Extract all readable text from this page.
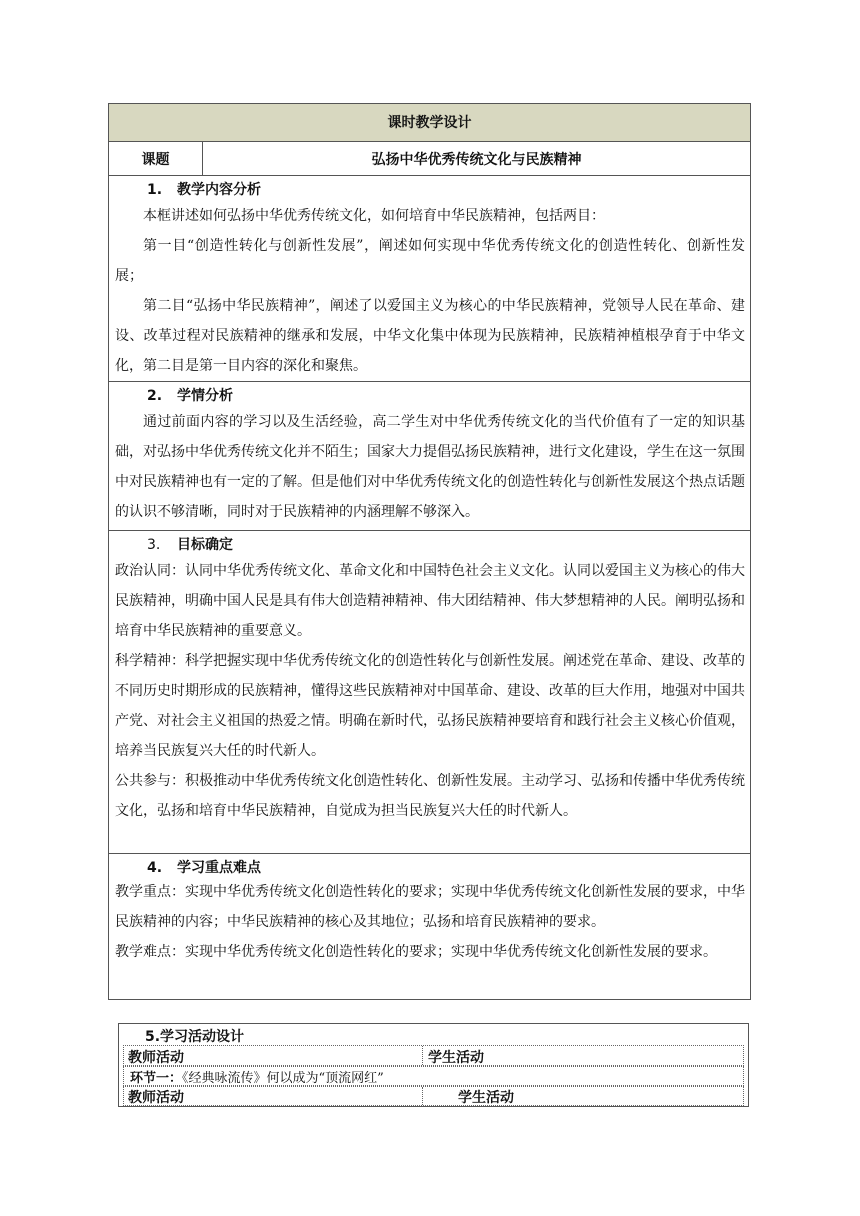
课时教学设计
课题	弘扬中华优秀传统文化与民族精神
1. 教学内容分析
本框讲述如何弘扬中华优秀传统文化，如何培育中华民族精神，包括两目：
第一目“创造性转化与创新性发展”，阐述如何实现中华优秀传统文化的创造性转化、创新性发展；
第二目“弘扬中华民族精神”，阐述了以爱国主义为核心的中华民族精神，党领导人民在革命、建设、改革过程对民族精神的继承和发展，中华文化集中体现为民族精神，民族精神植根孕育于中华文化，第二目是第一目内容的深化和聚焦。
2. 学情分析
通过前面内容的学习以及生活经验，高二学生对中华优秀传统文化的当代价值有了一定的知识基础，对弘扬中华优秀传统文化并不陌生；国家大力提倡弘扬民族精神，进行文化建设，学生在这一氛围中对民族精神也有一定的了解。但是他们对中华优秀传统文化的创造性转化与创新性发展这个热点话题的认识不够清晰，同时对于民族精神的内涵理解不够深入。
3. 目标确定
政治认同：认同中华优秀传统文化、革命文化和中国特色社会主义文化。认同以爱国主义为核心的伟大民族精神，明确中国人民是具有伟大创造精神精神、伟大团结精神、伟大梦想精神的人民。阐明弘扬和培育中华民族精神的重要意义。
科学精神：科学把握实现中华优秀传统文化的创造性转化与创新性发展。阐述党在革命、建设、改革的不同历史时期形成的民族精神，懂得这些民族精神对中国革命、建设、改革的巨大作用，地强对中国共产党、对社会主义祖国的热爱之情。明确在新时代，弘扬民族精神要培育和践行社会主义核心价值观，培养当民族复兴大任的时代新人。
公共参与：积极推动中华优秀传统文化创造性转化、创新性发展。主动学习、弘扬和传播中华优秀传统文化，弘扬和培育中华民族精神，自觉成为担当民族复兴大任的时代新人。
4. 学习重点难点
教学重点：实现中华优秀传统文化创造性转化的要求；实现中华优秀传统文化创新性发展的要求，中华民族精神的内容；中华民族精神的核心及其地位；弘扬和培育民族精神的要求。
教学难点：实现中华优秀传统文化创造性转化的要求；实现中华优秀传统文化创新性发展的要求。
5.学习活动设计
教师活动	学生活动
环节一：《经典咏流传》何以成为“顶流网红”
教师活动	学生活动
